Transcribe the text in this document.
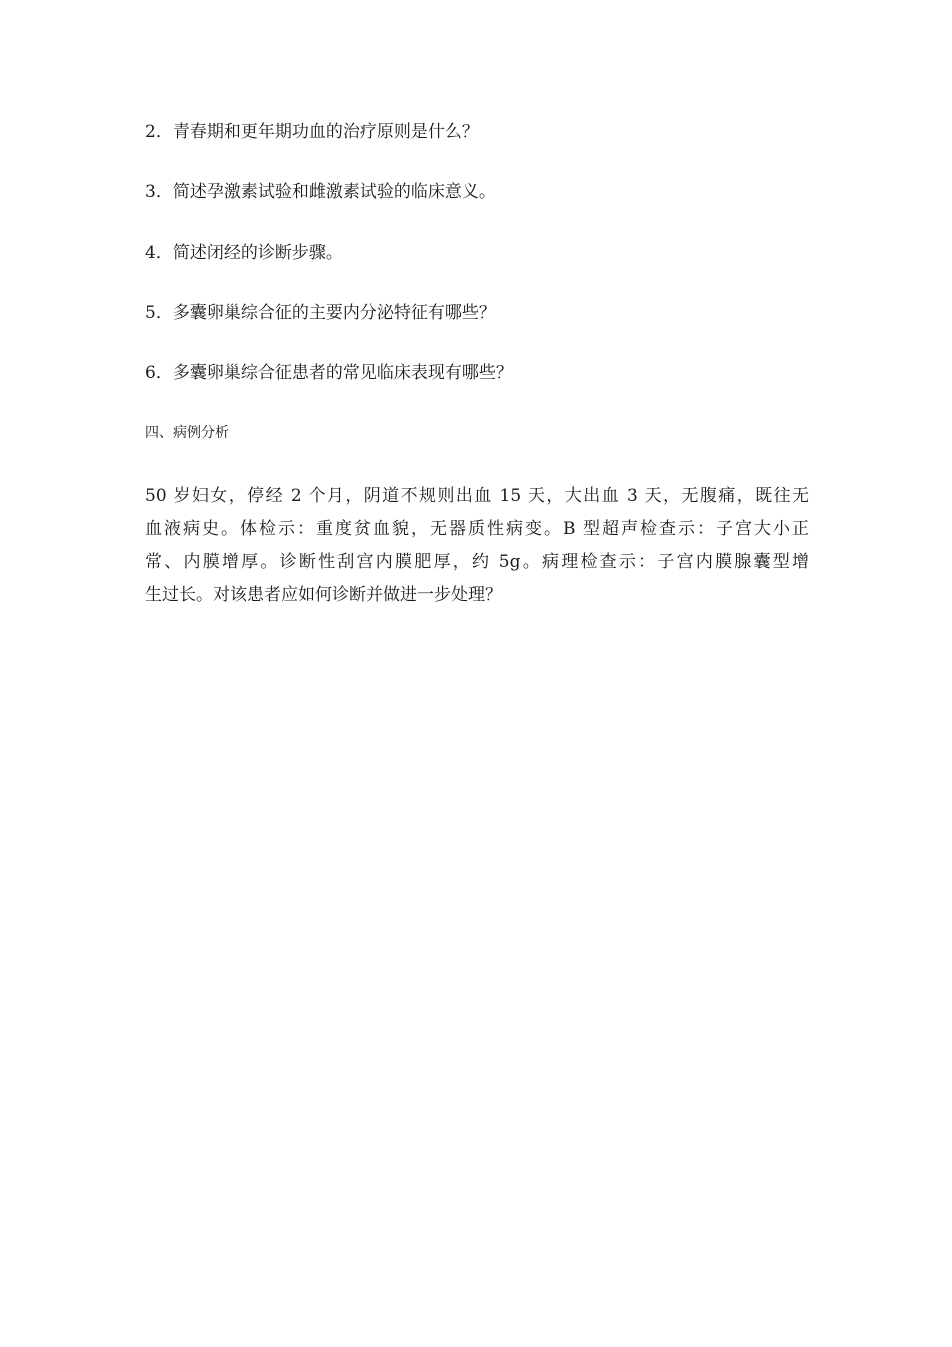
2．青春期和更年期功血的治疗原则是什么？
3．简述孕激素试验和雌激素试验的临床意义。
4．简述闭经的诊断步骤。
5．多囊卵巢综合征的主要内分泌特征有哪些？
6．多囊卵巢综合征患者的常见临床表现有哪些？
四、病例分析
50 岁妇女，停经 2 个月，阴道不规则出血 15 天，大出血 3 天，无腹痛，既往无
血液病史。体检示：重度贫血貌，无器质性病变。B 型超声检查示：子宫大小正
常、内膜增厚。诊断性刮宫内膜肥厚，约 5g。病理检查示：子宫内膜腺囊型增
生过长。对该患者应如何诊断并做进一步处理？
